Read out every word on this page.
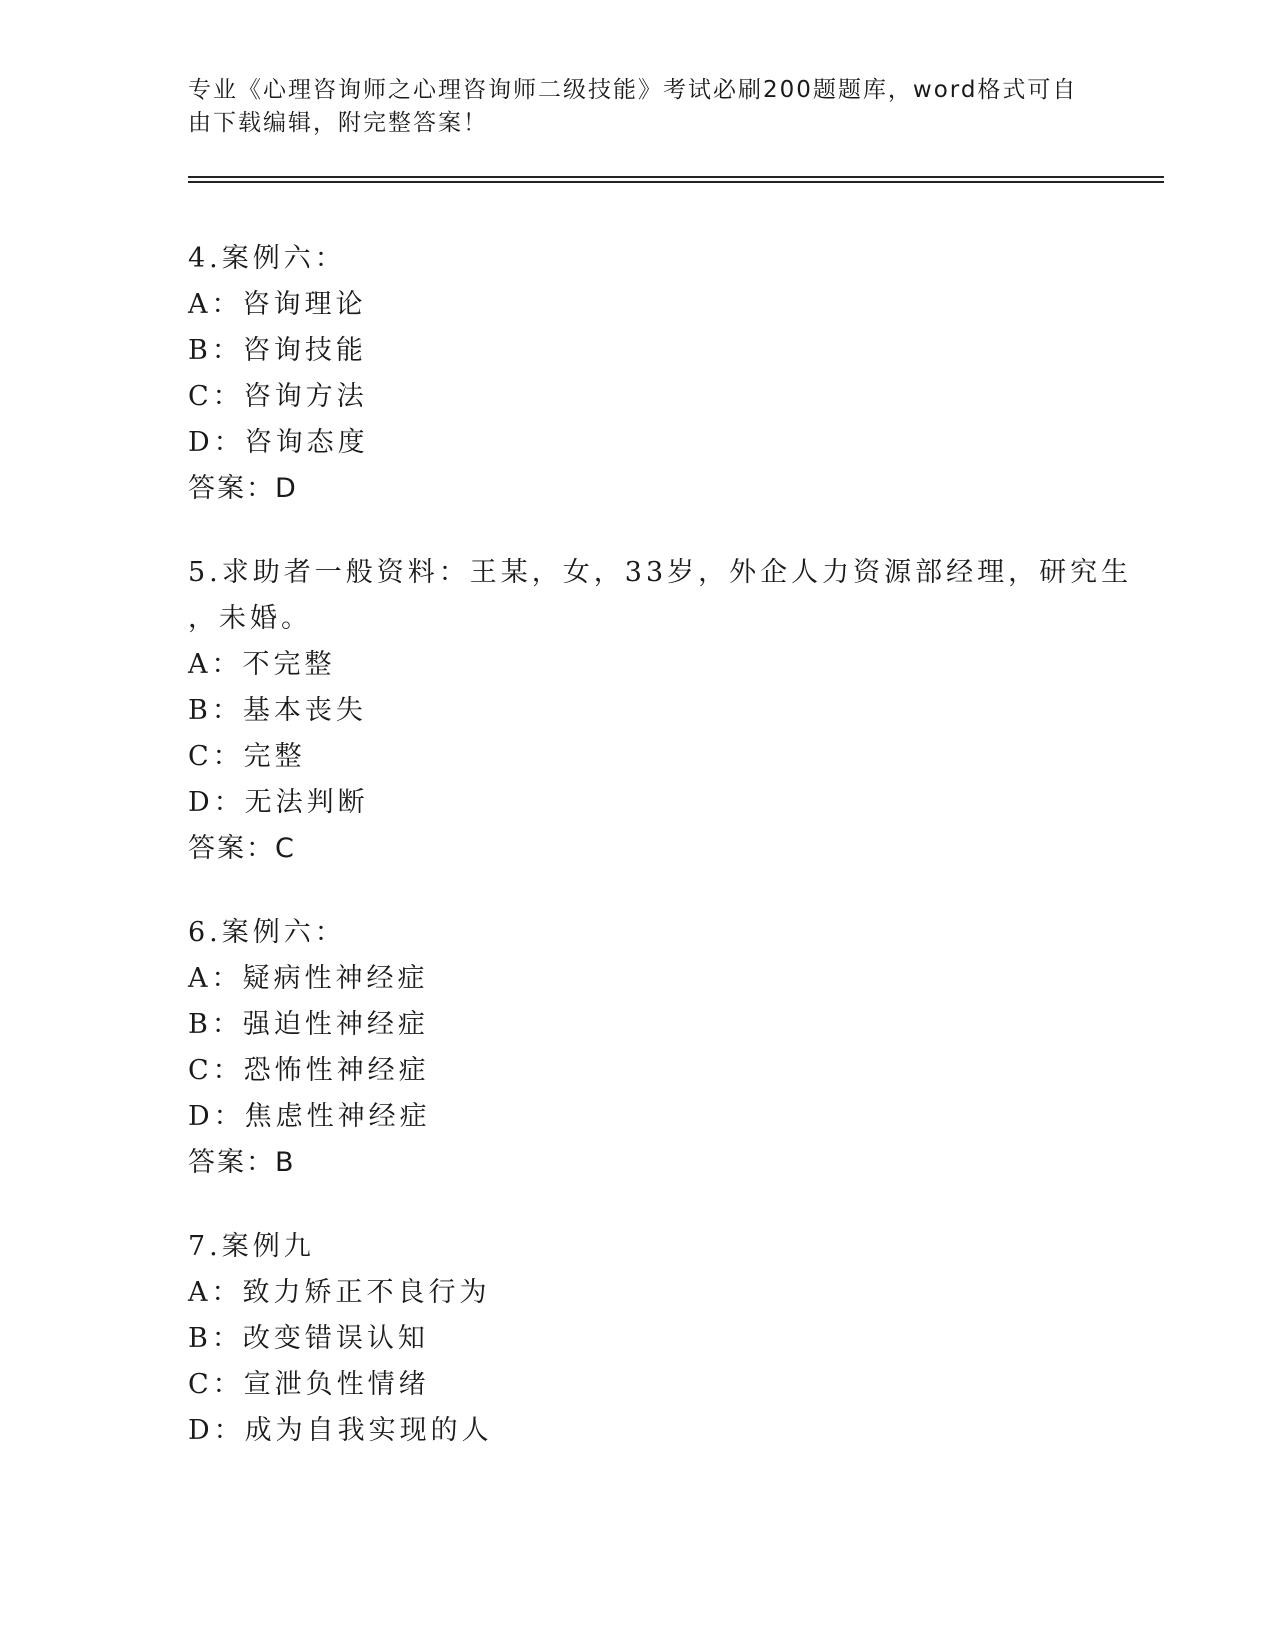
专业《心理咨询师之心理咨询师二级技能》考试必刷200题题库，word格式可自
由下载编辑，附完整答案！
4.案例六：
A：咨询理论
B：咨询技能
C：咨询方法
D：咨询态度
答案：D
5.求助者一般资料：王某，女，33岁，外企人力资源部经理，研究生
，未婚。
A：不完整
B：基本丧失
C：完整
D：无法判断
答案：C
6.案例六：
A：疑病性神经症
B：强迫性神经症
C：恐怖性神经症
D：焦虑性神经症
答案：B
7.案例九
A：致力矫正不良行为
B：改变错误认知
C：宣泄负性情绪
D：成为自我实现的人
